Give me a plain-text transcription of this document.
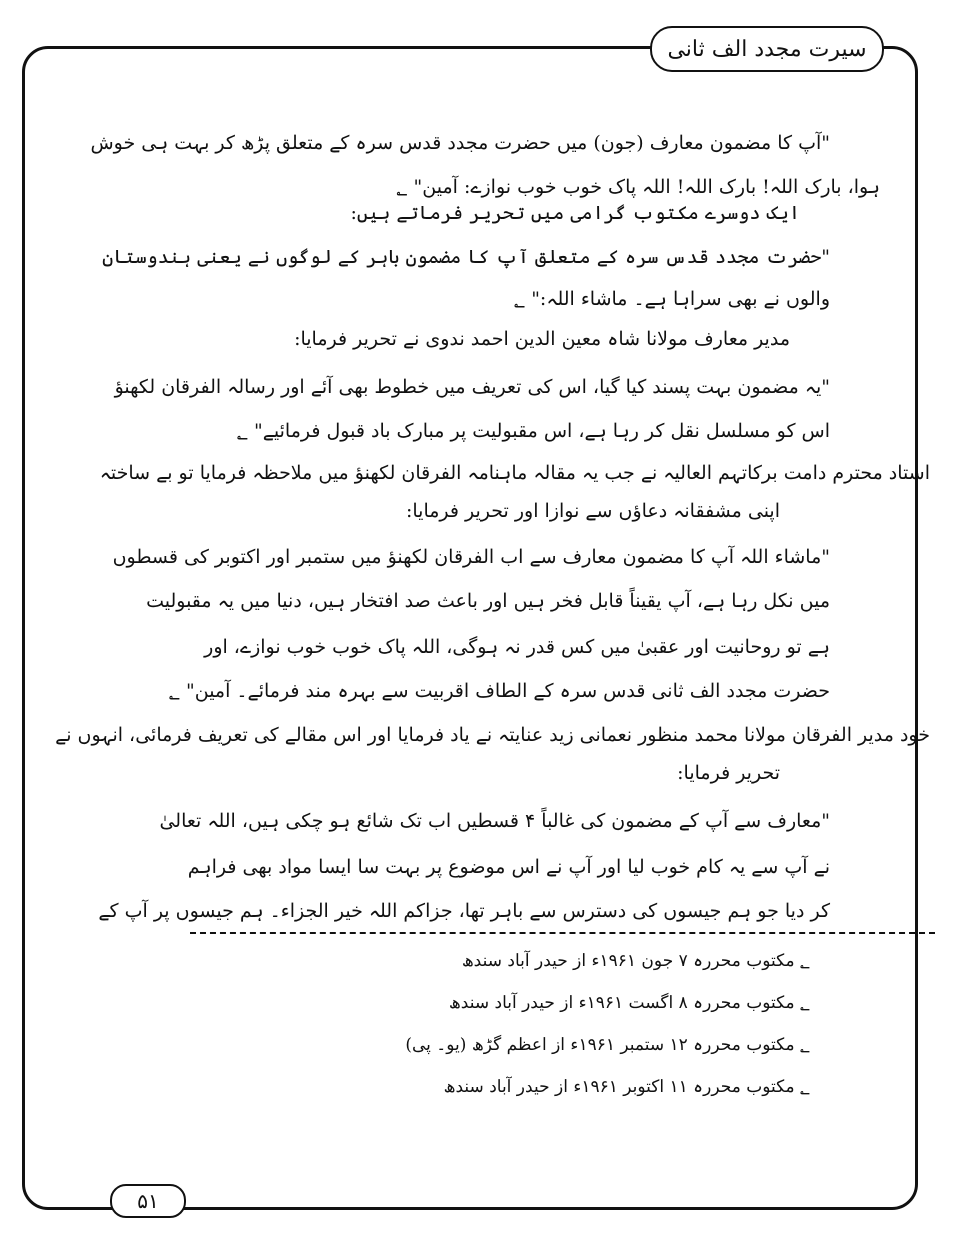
سیرت مجدد الف ثانی
"آپ کا مضمون معارف (جون) میں حضرت مجدد قدس سرہ کے متعلق پڑھ کر بہت ہی خوش
ہوا، بارک اللہ! بارک اللہ! اللہ پاک خوب خوب نوازے: آمین" ؂
ایک دوسرے مکتوب گرامی میں تحریر فرماتے ہیں:
"حضرت مجدد قدس سرہ کے متعلق آپ کا مضمون باہر کے لوگوں نے یعنی ہندوستان
والوں نے بھی سراہا ہے۔ ماشاء اللہ:" ؂
مدیر معارف مولانا شاہ معین الدین احمد ندوی نے تحریر فرمایا:
"یہ مضمون بہت پسند کیا گیا، اس کی تعریف میں خطوط بھی آئے اور رسالہ الفرقان لکھنؤ
اس کو مسلسل نقل کر رہا ہے، اس مقبولیت پر مبارک باد قبول فرمائیے" ؂
استاد محترم دامت برکاتہم العالیہ نے جب یہ مقالہ ماہنامہ الفرقان لکھنؤ میں ملاحظہ فرمایا تو بے ساختہ
اپنی مشفقانہ دعاؤں سے نوازا اور تحریر فرمایا:
"ماشاء اللہ آپ کا مضمون معارف سے اب الفرقان لکھنؤ میں ستمبر اور اکتوبر کی قسطوں
میں نکل رہا ہے، آپ یقیناً قابل فخر ہیں اور باعث صد افتخار ہیں، دنیا میں یہ مقبولیت
ہے تو روحانیت اور عقبیٰ میں کس قدر نہ ہوگی، اللہ پاک خوب خوب نوازے، اور
حضرت مجدد الف ثانی قدس سرہ کے الطاف اقربیت سے بہرہ مند فرمائے۔ آمین" ؂
خود مدیر الفرقان مولانا محمد منظور نعمانی زید عنایتہ نے یاد فرمایا اور اس مقالے کی تعریف فرمائی، انہوں نے
تحریر فرمایا:
"معارف سے آپ کے مضمون کی غالباً ۴ قسطیں اب تک شائع ہو چکی ہیں، اللہ تعالیٰ
نے آپ سے یہ کام خوب لیا اور آپ نے اس موضوع پر بہت سا ایسا مواد بھی فراہم
کر دیا جو ہم جیسوں کی دسترس سے باہر تھا، جزاکم اللہ خیر الجزاء۔ ہم جیسوں پر آپ کے
؂ مکتوب محررہ ۷ جون ۱۹۶۱ء از حیدر آباد سندھ
؂ مکتوب محررہ ۸ اگست ۱۹۶۱ء از حیدر آباد سندھ
؂ مکتوب محررہ ۱۲ ستمبر ۱۹۶۱ء از اعظم گڑھ (یو۔ پی)
؂ مکتوب محررہ ۱۱ اکتوبر ۱۹۶۱ء از حیدر آباد سندھ
۵۱
